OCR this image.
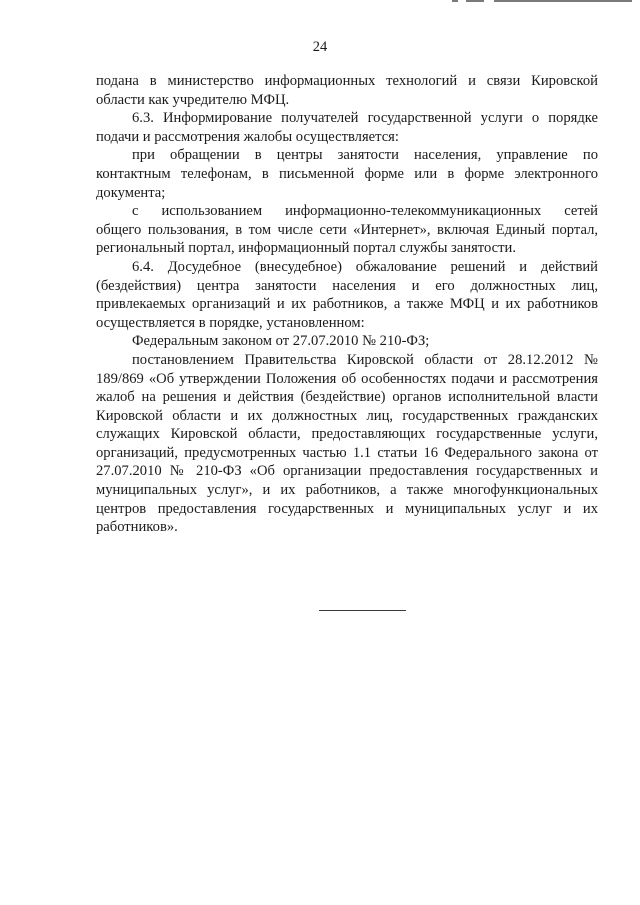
24
подана в министерство информационных технологий и связи Кировской
области как учредителю МФЦ.
6.3. Информирование получателей государственной услуги о порядке
подачи и рассмотрения жалобы осуществляется:
при обращении в центры занятости населения, управление по
контактным телефонам, в письменной форме или в форме электронного
документа;
с использованием информационно-телекоммуникационных сетей
общего пользования, в том числе сети «Интернет», включая Единый портал,
региональный портал, информационный портал службы занятости.
6.4. Досудебное (внесудебное) обжалование решений и действий
(бездействия) центра занятости населения и его должностных лиц,
привлекаемых организаций и их работников, а также МФЦ и их работников
осуществляется в порядке, установленном:
Федеральным законом от 27.07.2010 № 210-ФЗ;
постановлением Правительства Кировской области от 28.12.2012 №
189/869 «Об утверждении Положения об особенностях подачи и рассмотрения
жалоб на решения и действия (бездействие) органов исполнительной власти
Кировской области и их должностных лиц, государственных гражданских
служащих Кировской области, предоставляющих государственные услуги,
организаций, предусмотренных частью 1.1 статьи 16 Федерального закона от
27.07.2010 № 210-ФЗ «Об организации предоставления государственных и
муниципальных услуг», и их работников, а также многофункциональных
центров предоставления государственных и муниципальных услуг и их
работников».
